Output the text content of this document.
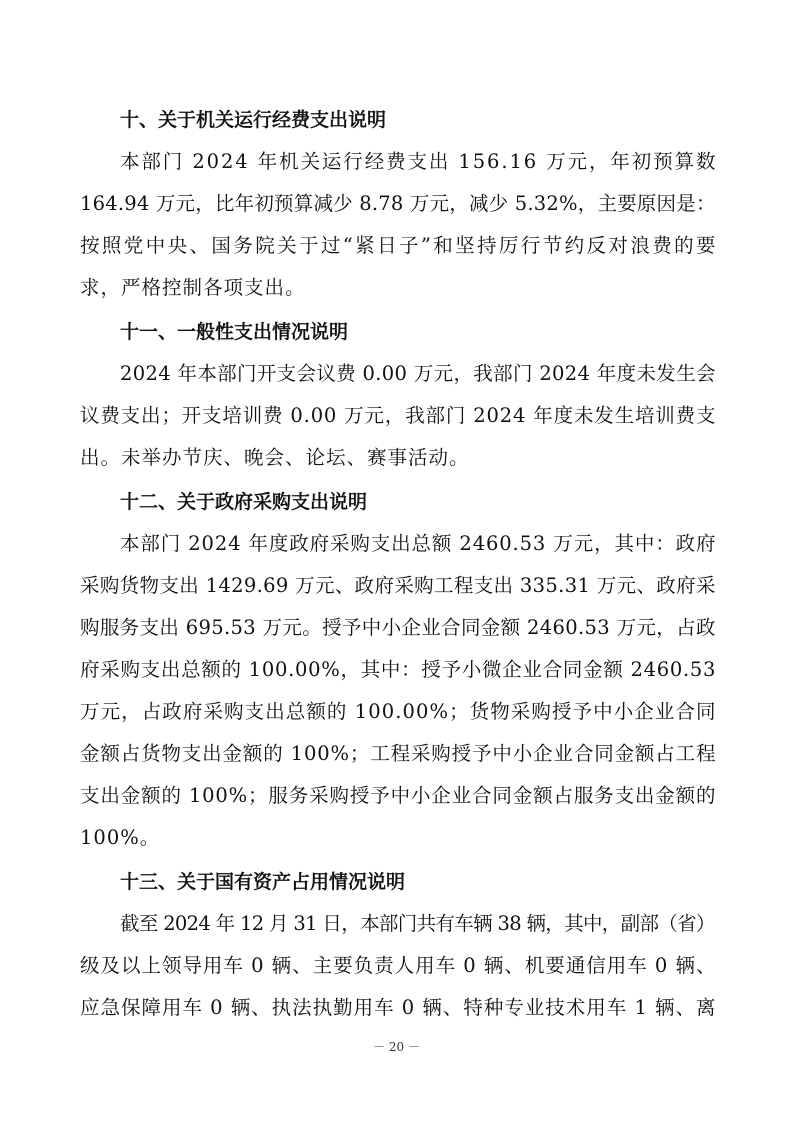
十、关于机关运行经费支出说明
本部门 2024 年机关运行经费支出 156.16 万元，年初预算数
164.94 万元，比年初预算减少 8.78 万元，减少 5.32%，主要原因是：
按照党中央、国务院关于过“紧日子”和坚持厉行节约反对浪费的要
求，严格控制各项支出。
十一、一般性支出情况说明
2024 年本部门开支会议费 0.00 万元，我部门 2024 年度未发生会
议费支出；开支培训费 0.00 万元，我部门 2024 年度未发生培训费支
出。未举办节庆、晚会、论坛、赛事活动。
十二、关于政府采购支出说明
本部门 2024 年度政府采购支出总额 2460.53 万元，其中：政府
采购货物支出 1429.69 万元、政府采购工程支出 335.31 万元、政府采
购服务支出 695.53 万元。授予中小企业合同金额 2460.53 万元，占政
府采购支出总额的 100.00%，其中：授予小微企业合同金额 2460.53
万元，占政府采购支出总额的 100.00%；货物采购授予中小企业合同
金额占货物支出金额的 100%；工程采购授予中小企业合同金额占工程
支出金额的 100%；服务采购授予中小企业合同金额占服务支出金额的
100%。
十三、关于国有资产占用情况说明
截至 2024 年 12 月 31 日，本部门共有车辆 38 辆，其中，副部（省）
级及以上领导用车 0 辆、主要负责人用车 0 辆、机要通信用车 0 辆、
应急保障用车 0 辆、执法执勤用车 0 辆、特种专业技术用车 1 辆、离
－ 20 －
